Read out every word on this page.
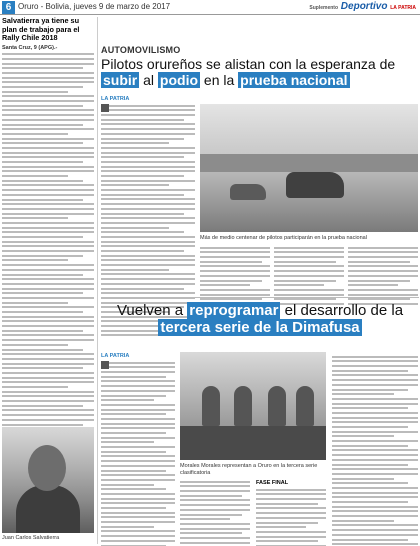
6 Oruro - Bolivia, jueves 9 de marzo de 2017	Suplemento Deportivo LA PATRIA
Salvatierra ya tiene su plan de trabajo para el Rally Chile 2018
Santa Cruz, 9 (APG).-
Juan Carlos Salvatierra
AUTOMOVILISMO
Pilotos orureños se alistan con la esperanza de subir al podio en la prueba nacional
LA PATRIA
Más de medio centenar de pilotos participarán en la prueba nacional
Vuelven a reprogramar el desarrollo de la tercera serie de la Dimafusa
LA PATRIA
Morales Morales representan a Oruro en la tercera serie clasificatoria
FASE FINAL
